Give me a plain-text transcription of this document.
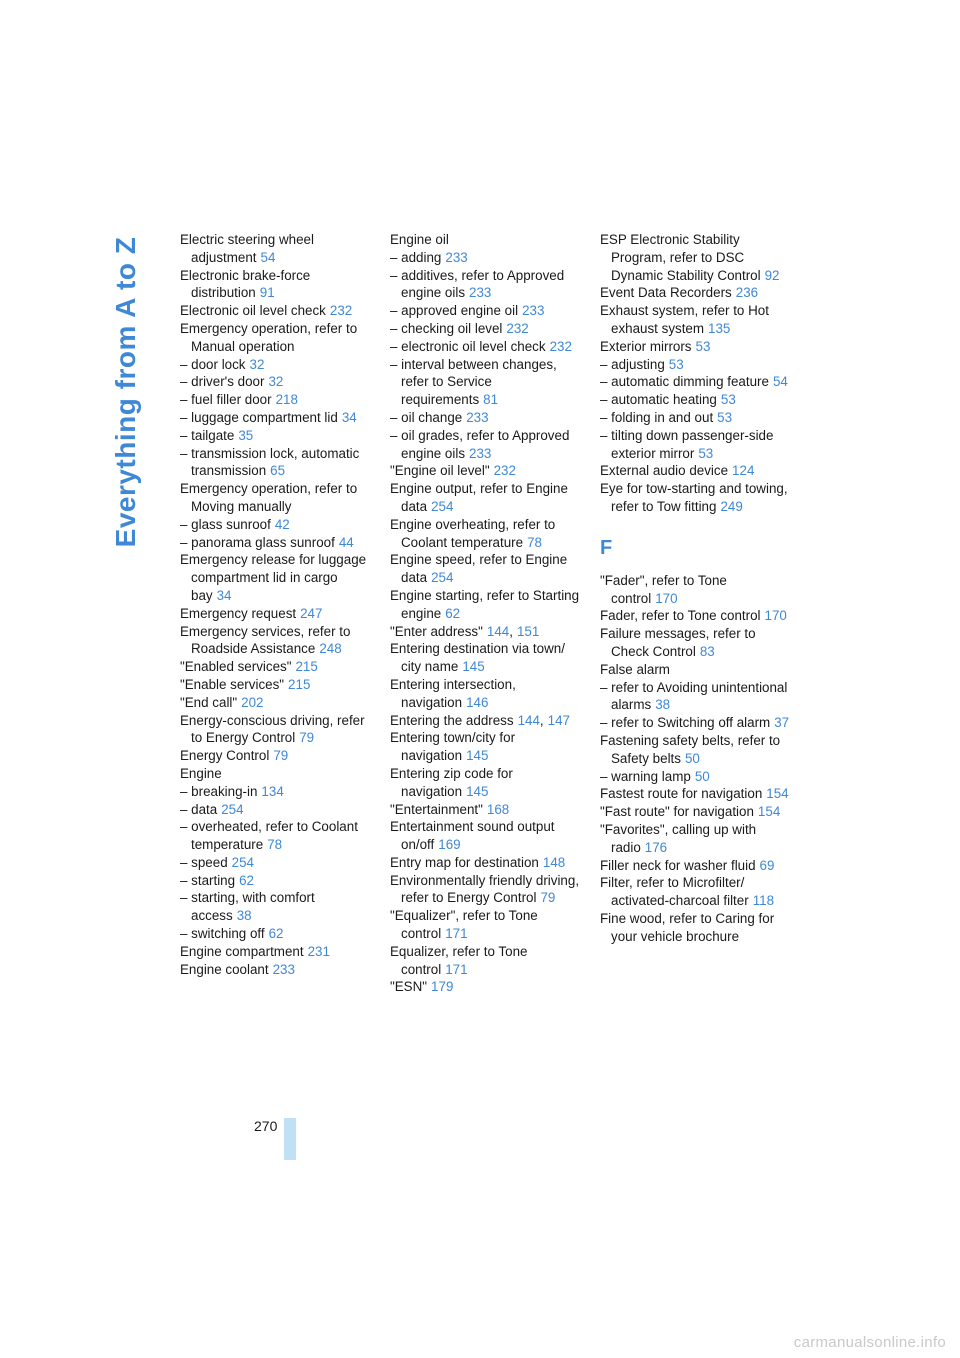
Everything from A to Z	Electric steering wheel adjustment 54
Electronic brake-force distribution 91
Electronic oil level check 232
Emergency operation, refer to Manual operation
– door lock 32
– driver's door 32
– fuel filler door 218
– luggage compartment lid 34
– tailgate 35
– transmission lock, automatic transmission 65
Emergency operation, refer to Moving manually
– glass sunroof 42
– panorama glass sunroof 44
Emergency release for luggage compartment lid in cargo bay 34
Emergency request 247
Emergency services, refer to Roadside Assistance 248
"Enabled services" 215
"Enable services" 215
"End call" 202
Energy-conscious driving, refer to Energy Control 79
Energy Control 79
Engine
– breaking-in 134
– data 254
– overheated, refer to Coolant temperature 78
– speed 254
– starting 62
– starting, with comfort access 38
– switching off 62
Engine compartment 231
Engine coolant 233
Engine oil
– adding 233
– additives, refer to Approved engine oils 233
– approved engine oil 233
– checking oil level 232
– electronic oil level check 232
– interval between changes, refer to Service requirements 81
– oil change 233
– oil grades, refer to Approved engine oils 233
"Engine oil level" 232
Engine output, refer to Engine data 254
Engine overheating, refer to Coolant temperature 78
Engine speed, refer to Engine data 254
Engine starting, refer to Starting engine 62
"Enter address" 144, 151
Entering destination via town/ city name 145
Entering intersection, navigation 146
Entering the address 144, 147
Entering town/city for navigation 145
Entering zip code for navigation 145
"Entertainment" 168
Entertainment sound output on/off 169
Entry map for destination 148
Environmentally friendly driving, refer to Energy Control 79
"Equalizer", refer to Tone control 171
Equalizer, refer to Tone control 171
"ESN" 179
ESP Electronic Stability Program, refer to DSC Dynamic Stability Control 92
Event Data Recorders 236
Exhaust system, refer to Hot exhaust system 135
Exterior mirrors 53
– adjusting 53
– automatic dimming feature 54
– automatic heating 53
– folding in and out 53
– tilting down passenger-side exterior mirror 53
External audio device 124
Eye for tow-starting and towing, refer to Tow fitting 249
F
"Fader", refer to Tone control 170
Fader, refer to Tone control 170
Failure messages, refer to Check Control 83
False alarm
– refer to Avoiding unintentional alarms 38
– refer to Switching off alarm 37
Fastening safety belts, refer to Safety belts 50
– warning lamp 50
Fastest route for navigation 154
"Fast route" for navigation 154
"Favorites", calling up with radio 176
Filler neck for washer fluid 69
Filter, refer to Microfilter/ activated-charcoal filter 118
Fine wood, refer to Caring for your vehicle brochure
270
carmanualsonline.info
